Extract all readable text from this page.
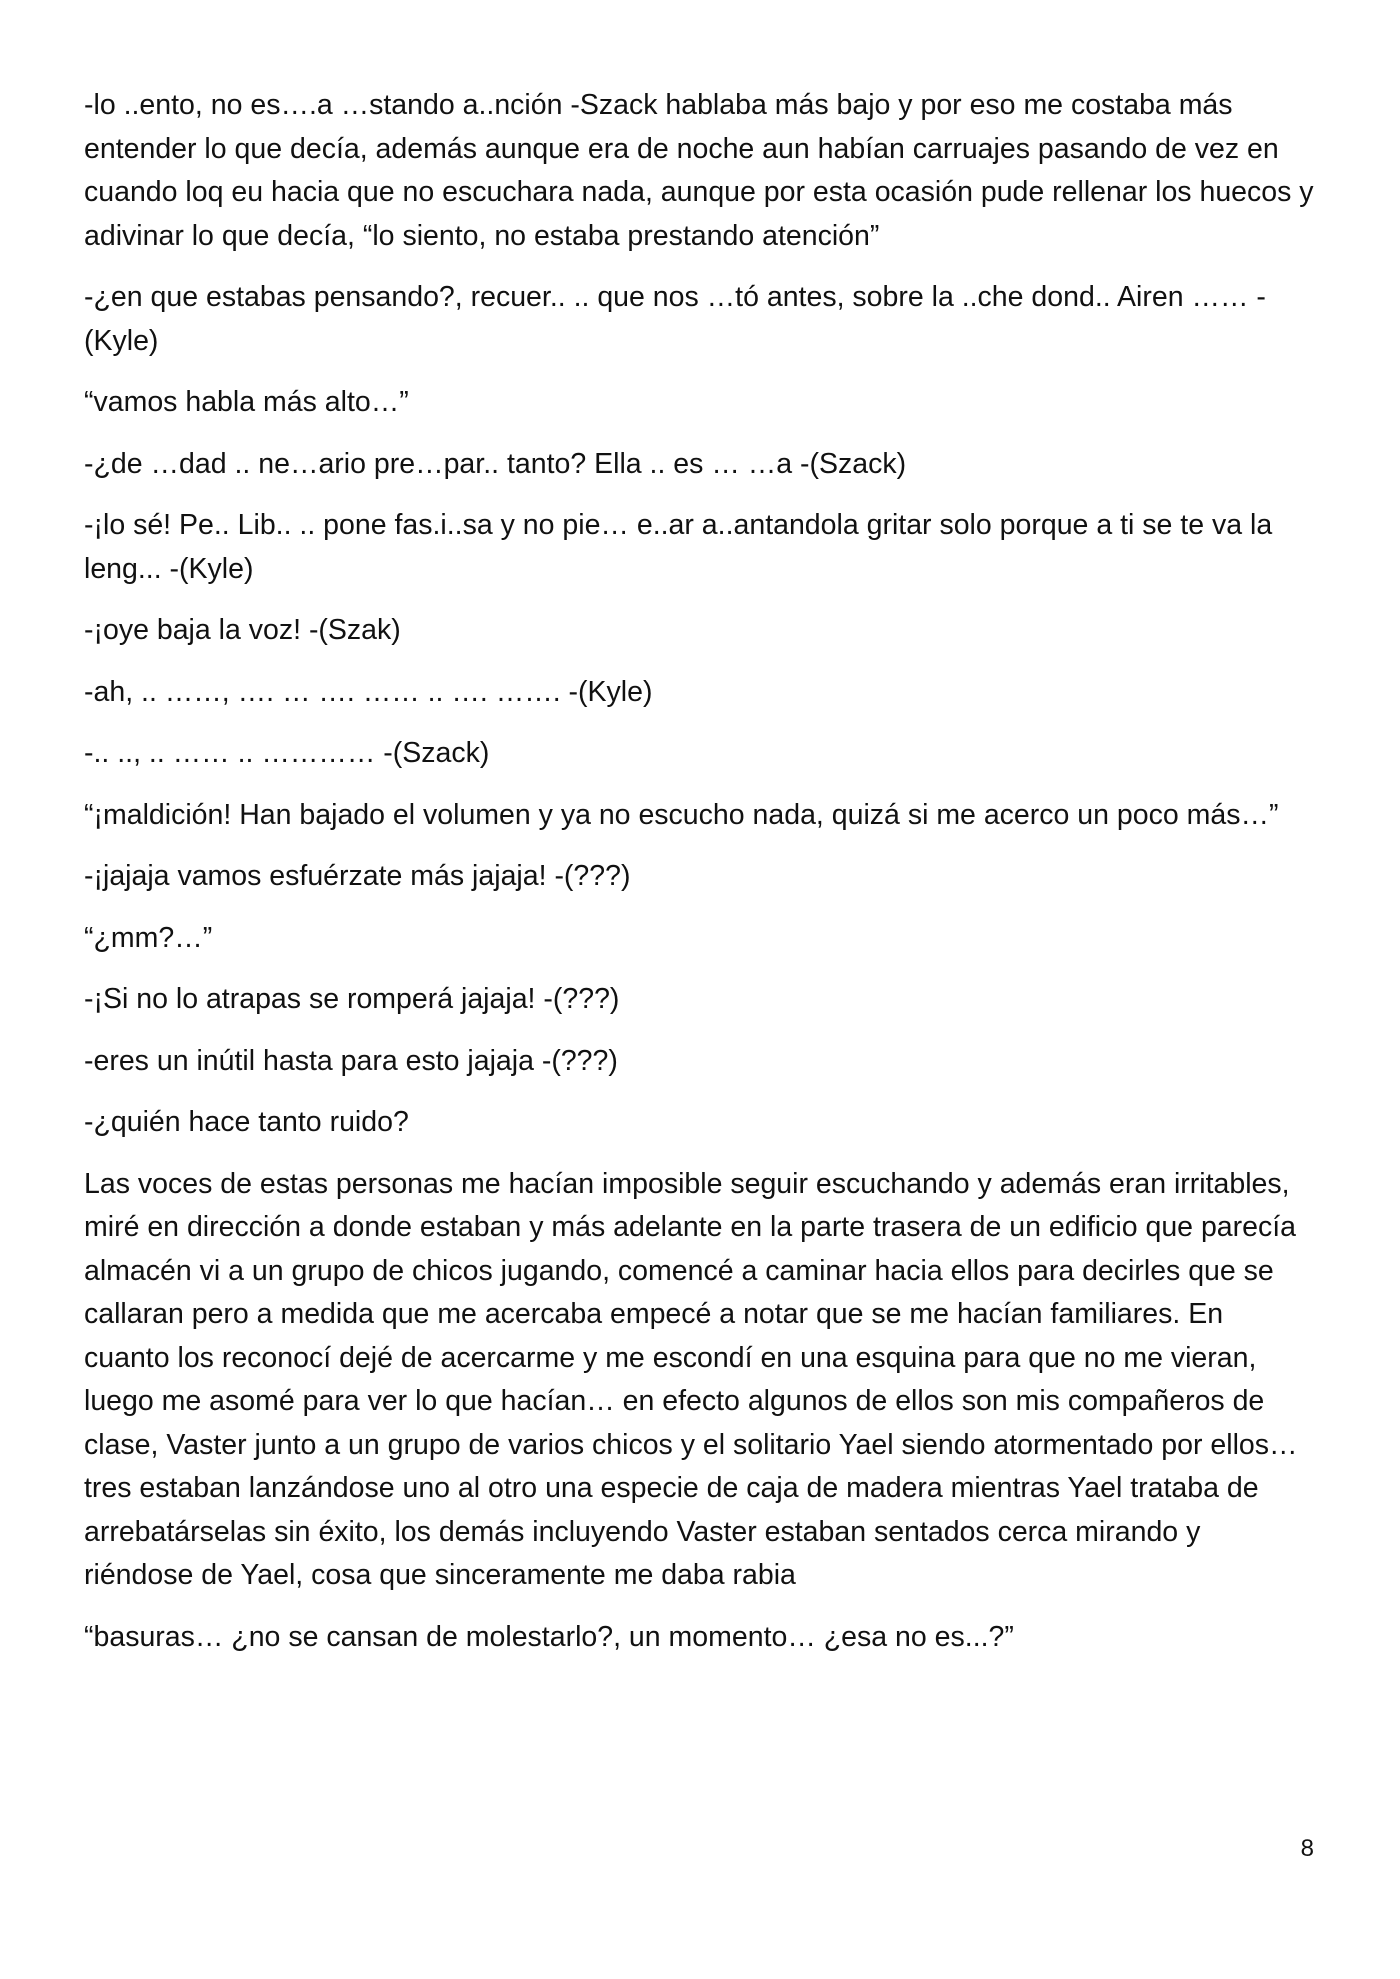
-lo ..ento, no es….a …stando a..nción -Szack hablaba más bajo y por eso me costaba más entender lo que decía, además aunque era de noche aun habían carruajes pasando de vez en cuando loq eu hacia que no escuchara nada, aunque por esta ocasión pude rellenar los huecos y adivinar lo que decía, “lo siento, no estaba prestando atención”

-¿en que estabas pensando?, recuer.. .. que nos …tó antes, sobre la ..che dond.. Airen …… -(Kyle)

“vamos habla más alto…”

-¿de …dad .. ne…ario pre…par.. tanto? Ella .. es … …a -(Szack)

-¡lo sé! Pe.. Lib.. .. pone fas.i..sa y no pie… e..ar a..antandola gritar solo porque a ti se te va la leng... -(Kyle)

-¡oye baja la voz! -(Szak)

-ah, .. ……, …. … …. …… .. …. ……. -(Kyle)

-.. .., .. …… .. ………… -(Szack)

“¡maldición! Han bajado el volumen y ya no escucho nada, quizá si me acerco un poco más…”

-¡jajaja vamos esfuérzate más jajaja! -(???)

“¿mm?…”

-¡Si no lo atrapas se romperá jajaja! -(???)

-eres un inútil hasta para esto jajaja -(???)

-¿quién hace tanto ruido?

Las voces de estas personas me hacían imposible seguir escuchando y además eran irritables, miré en dirección a donde estaban y más adelante en la parte trasera de un edificio que parecía almacén vi a un grupo de chicos jugando, comencé a caminar hacia ellos para decirles que se callaran pero a medida que me acercaba empecé a notar que se me hacían familiares. En cuanto los reconocí dejé de acercarme y me escondí en una esquina para que no me vieran, luego me asomé para ver lo que hacían… en efecto algunos de ellos son mis compañeros de clase, Vaster junto a un grupo de varios chicos y el solitario Yael siendo atormentado por ellos… tres estaban lanzándose uno al otro una especie de caja de madera mientras Yael trataba de arrebatárselas sin éxito, los demás incluyendo Vaster estaban sentados cerca mirando y riéndose de Yael, cosa que sinceramente me daba rabia

“basuras… ¿no se cansan de molestarlo?, un momento… ¿esa no es...?”

8
